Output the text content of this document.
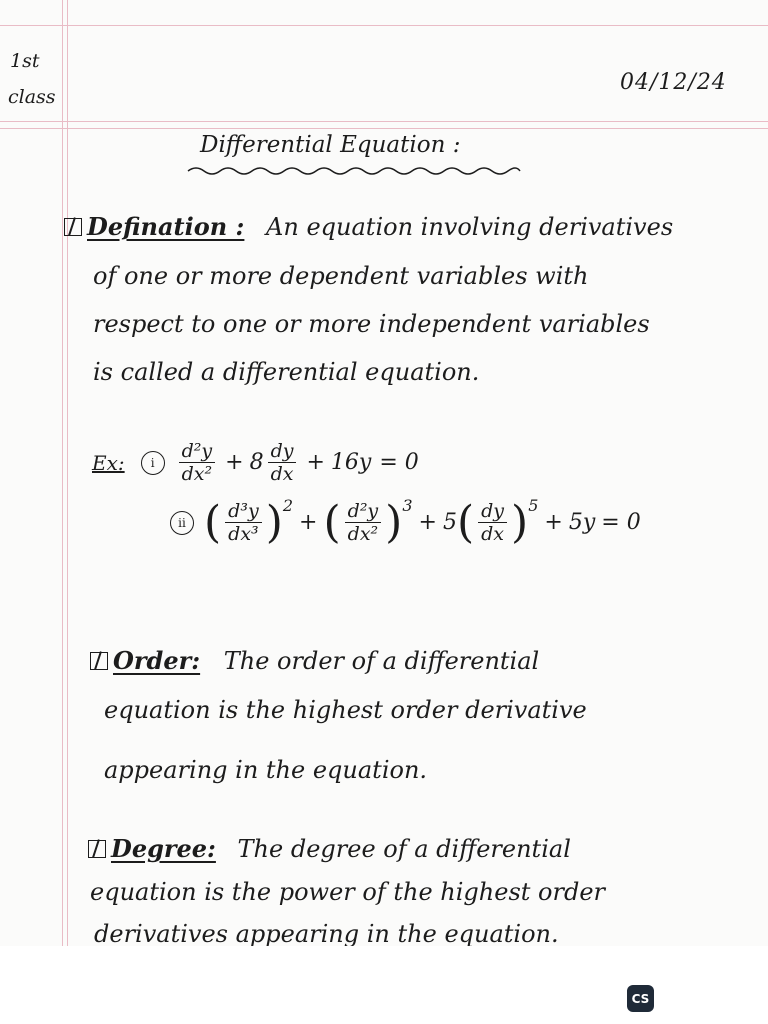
1st
class
04/12/24
Differential Equation :
Defination : An equation involving derivatives
of one or more dependent variables with
respect to one or more independent variables
is called a differential equation.
Ex:	i	$\frac{\text{d²y}}{\text{dx²}} + 8 \frac{dy}{dx} + 16y = 0$
ii ( $\frac{\text{d³y}}{\text{dx³}}$ ) 2
+ ( $\frac{\text{d²y}}{\text{dx²}}$ ) 3
+ 5 ( $\frac{dy}{dx}$ ) 5
+ 5y = 0
Order: The order of a differential
equation is the highest order derivative
appearing in the equation.
Degree: The degree of a differential
equation is the power of the highest order
derivatives appearing in the equation.
CS
